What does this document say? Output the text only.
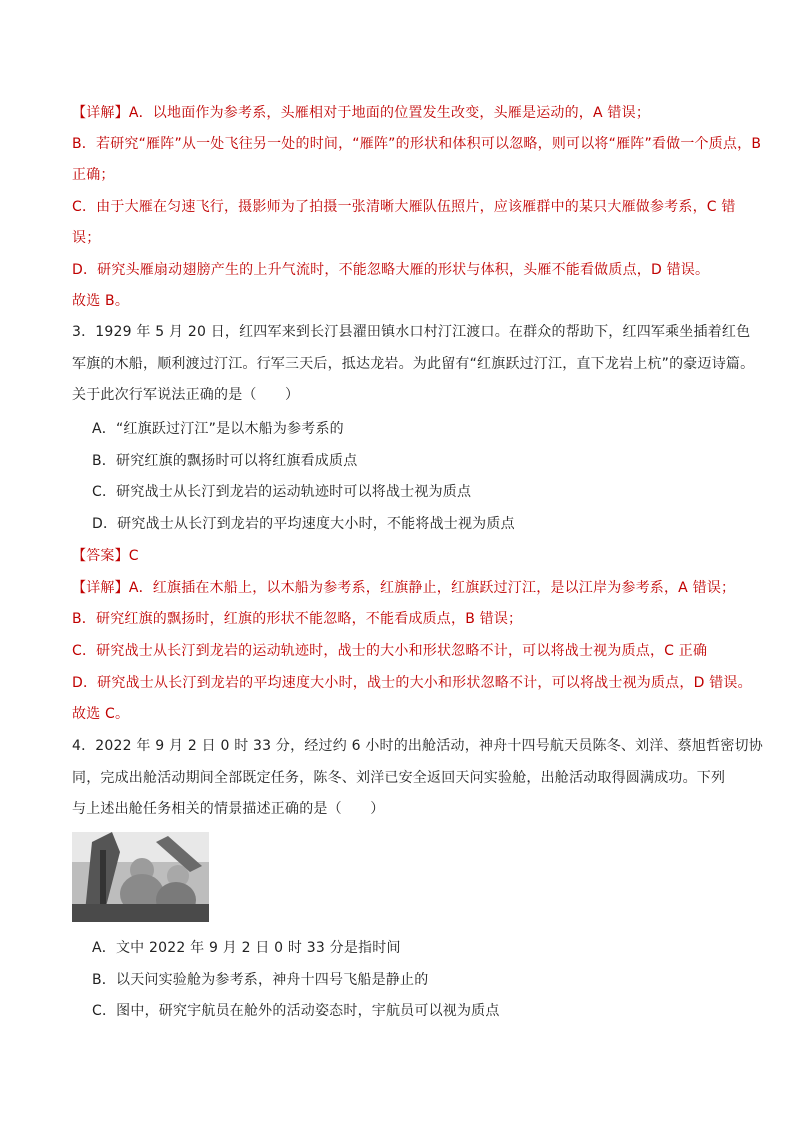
【详解】A．以地面作为参考系，头雁相对于地面的位置发生改变，头雁是运动的，A 错误；
B．若研究“雁阵”从一处飞往另一处的时间，“雁阵”的形状和体积可以忽略，则可以将“雁阵”看做一个质点，B
正确；
C．由于大雁在匀速飞行，摄影师为了拍摄一张清晰大雁队伍照片，应该雁群中的某只大雁做参考系，C 错
误；
D．研究头雁扇动翅膀产生的上升气流时，不能忽略大雁的形状与体积，头雁不能看做质点，D 错误。
故选 B。
3．1929 年 5 月 20 日，红四军来到长汀县濯田镇水口村汀江渡口。在群众的帮助下，红四军乘坐插着红色
军旗的木船，顺利渡过汀江。行军三天后，抵达龙岩。为此留有“红旗跃过汀江，直下龙岩上杭”的豪迈诗篇。
关于此次行军说法正确的是（　　）
A．“红旗跃过汀江”是以木船为参考系的
B．研究红旗的飘扬时可以将红旗看成质点
C．研究战士从长汀到龙岩的运动轨迹时可以将战士视为质点
D．研究战士从长汀到龙岩的平均速度大小时，不能将战士视为质点
【答案】C
【详解】A．红旗插在木船上，以木船为参考系，红旗静止，红旗跃过汀江，是以江岸为参考系，A 错误；
B．研究红旗的飘扬时，红旗的形状不能忽略，不能看成质点，B 错误；
C．研究战士从长汀到龙岩的运动轨迹时，战士的大小和形状忽略不计，可以将战士视为质点，C 正确
D．研究战士从长汀到龙岩的平均速度大小时，战士的大小和形状忽略不计，可以将战士视为质点，D 错误。
故选 C。
4．2022 年 9 月 2 日 0 时 33 分，经过约 6 小时的出舱活动，神舟十四号航天员陈冬、刘洋、蔡旭哲密切协
同，完成出舱活动期间全部既定任务，陈冬、刘洋已安全返回天问实验舱，出舱活动取得圆满成功。下列
与上述出舱任务相关的情景描述正确的是（　　）
A．文中 2022 年 9 月 2 日 0 时 33 分是指时间
B．以天问实验舱为参考系，神舟十四号飞船是静止的
C．图中，研究宇航员在舱外的活动姿态时，宇航员可以视为质点
